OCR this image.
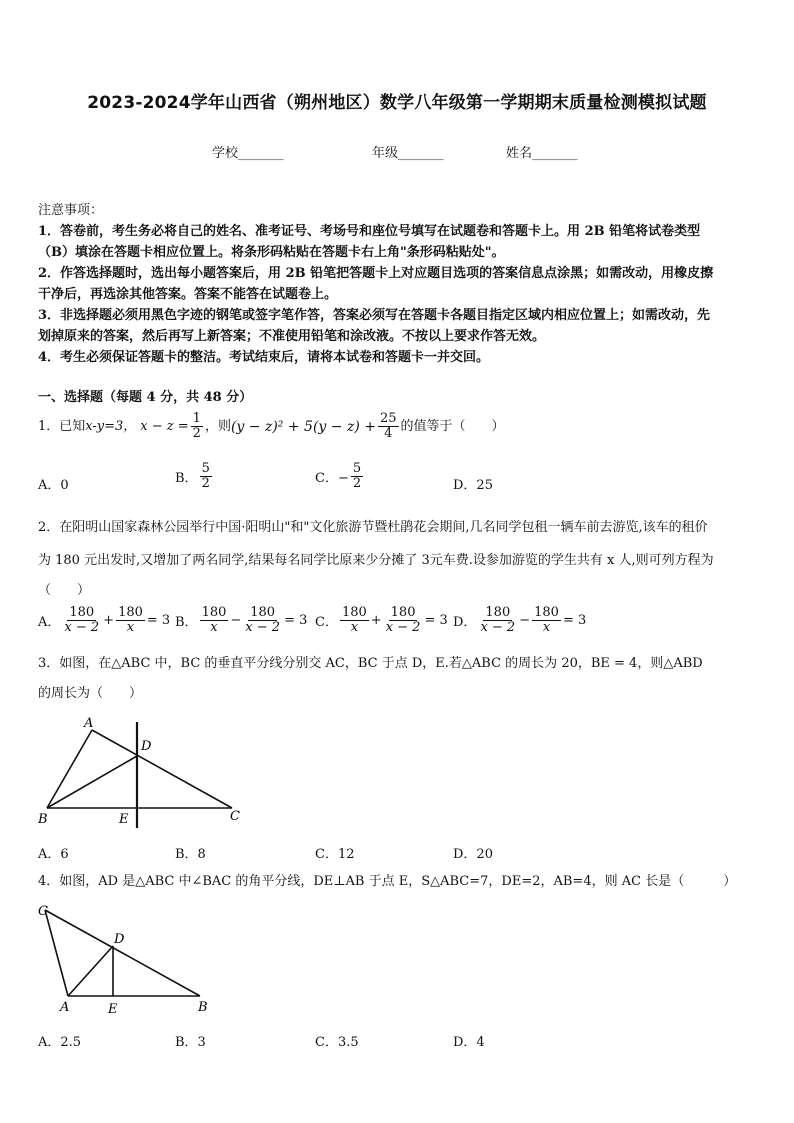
2023-2024学年山西省（朔州地区）数学八年级第一学期期末质量检测模拟试题
学校_______	年级_______	姓名_______
注意事项：
1．答卷前，考生务必将自己的姓名、准考证号、考场号和座位号填写在试题卷和答题卡上。用 2B 铅笔将试卷类型
（B）填涂在答题卡相应位置上。将条形码粘贴在答题卡右上角"条形码粘贴处"。
2．作答选择题时，选出每小题答案后，用 2B 铅笔把答题卡上对应题目选项的答案信息点涂黑；如需改动，用橡皮擦
干净后，再选涂其他答案。答案不能答在试题卷上。
3．非选择题必须用黑色字迹的钢笔或签字笔作答，答案必须写在答题卡各题目指定区域内相应位置上；如需改动，先
划掉原来的答案，然后再写上新答案；不准使用铅笔和涂改液。不按以上要求作答无效。
4．考生必须保证答题卡的整洁。考试结束后，请将本试卷和答题卡一并交回。
一、选择题（每题 4 分，共 48 分）
1．已知 x-y=3， $x - z = \frac{1}{2}$ ，则 $(y - z)^2 + 5(y - z) + \frac{25}{4}$ 的值等于（　　）
A．0	B． $\frac{5}{2}$	C．− $\frac{5}{2}$	D．25
2．在阳明山国家森林公园举行中国·阳明山"和"文化旅游节暨杜鹃花会期间,几名同学包租一辆车前去游览,该车的租价
为 180 元出发时,又增加了两名同学,结果每名同学比原来少分摊了 3元车费.设参加游览的学生共有 x 人,则可列方程为
（　　）
A． $\frac{180}{x - 2} + \frac{180}{x} = 3$ B． $\frac{180}{x} - \frac{180}{x - 2} = 3$ C． $\frac{180}{x} + \frac{180}{x - 2} = 3$ D． $\frac{180}{x - 2} - \frac{180}{x} = 3$
3．如图，在△ABC 中，BC 的垂直平分线分别交 AC，BC 于点 D，E.若△ABC 的周长为 20，BE = 4，则△ABD
的周长为（　　）
A
D
B	E	C
A．6	B．8	C．12	D．20
4．如图，AD 是△ABC 中∠BAC 的角平分线，DE⊥AB 于点 E，S△ABC=7，DE=2，AB=4，则 AC 长是（　　　）
C
D
A	E	B
A．2.5	B．3	C．3.5	D．4
